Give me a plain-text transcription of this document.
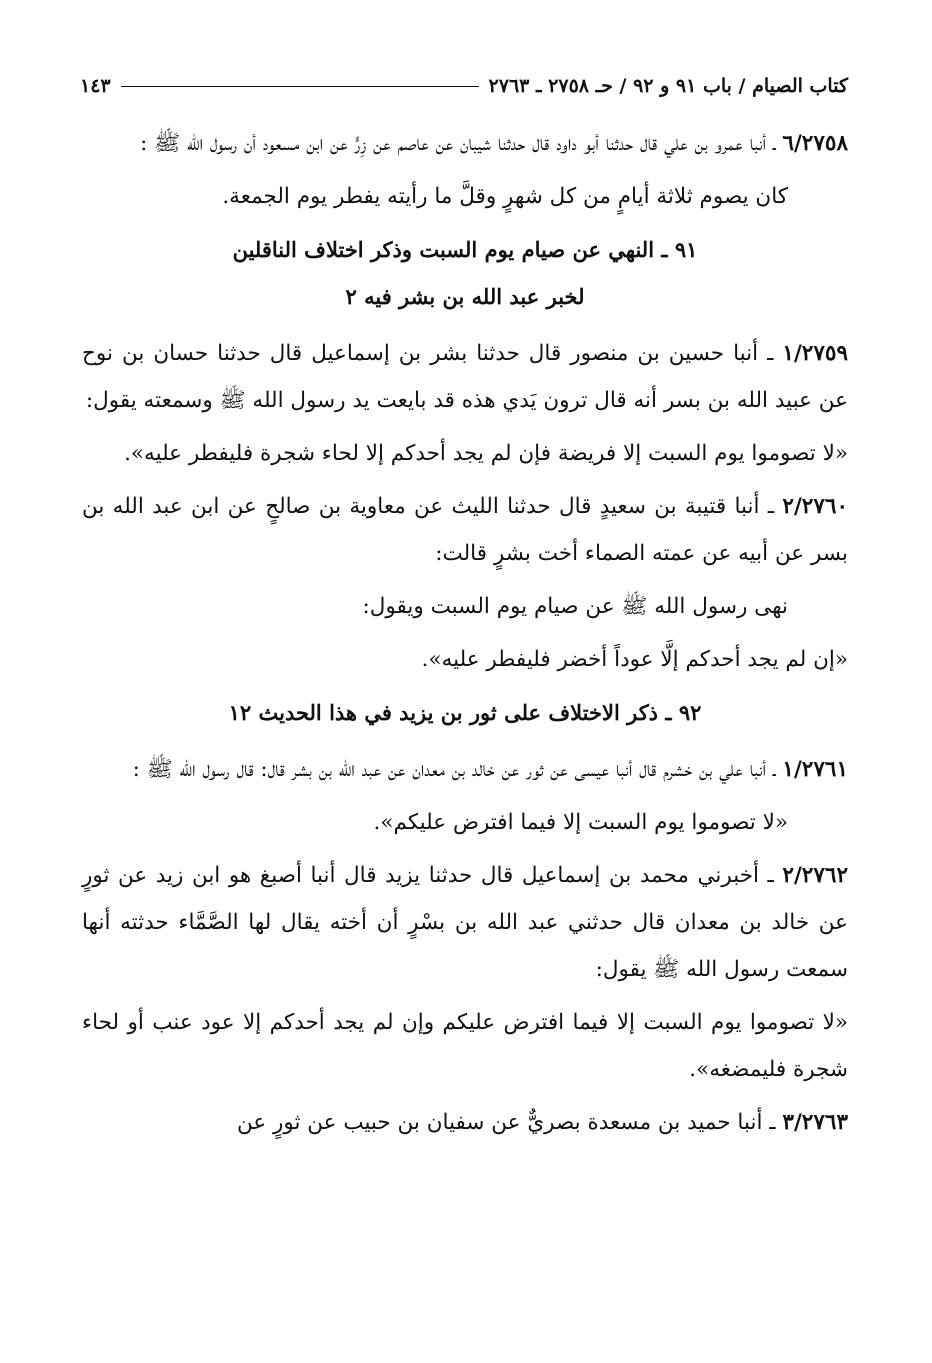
١٤٣	كتاب الصيام / باب ٩١ و ٩٢ / حـ ٢٧٥٨ ـ ٢٧٦٣

٦/٢٧٥٨ ـ أنبا عمرو بن علي قال حدثنا أبو داود قال حدثنا شيبان عن عاصم عن زِرٍّ عن ابن مسعود أن رسول الله ﷺ :

كان يصوم ثلاثة أيامٍ من كل شهرٍ وقلَّ ما رأيته يفطر يوم الجمعة.

٩١ ـ النهي عن صيام يوم السبت وذكر اختلاف الناقلين
لخبر عبد الله بن بشر فيه ٢

١/٢٧٥٩ ـ أنبا حسين بن منصور قال حدثنا بشر بن إسماعيل قال حدثنا حسان بن نوح عن عبيد الله بن بسر أنه قال ترون يَدي هذه قد بايعت يد رسول الله ﷺ وسمعته يقول:

«لا تصوموا يوم السبت إلا فريضة فإن لم يجد أحدكم إلا لحاء شجرة فليفطر عليه».

٢/٢٧٦٠ ـ أنبا قتيبة بن سعيدٍ قال حدثنا الليث عن معاوية بن صالحٍ عن ابن عبد الله بن بسر عن أبيه عن عمته الصماء أخت بشرٍ قالت:

نهى رسول الله ﷺ عن صيام يوم السبت ويقول:

«إن لم يجد أحدكم إلَّا عوداً أخضر فليفطر عليه».

٩٢ ـ ذكر الاختلاف على ثور بن يزيد في هذا الحديث ١٢

١/٢٧٦١ ـ أنبا علي بن خشرم قال أنبا عيسى عن ثور عن خالد بن معدان عن عبد الله بن بشر قال: قال رسول الله ﷺ :

«لا تصوموا يوم السبت إلا فيما افترض عليكم».

٢/٢٧٦٢ ـ أخبرني محمد بن إسماعيل قال حدثنا يزيد قال أنبا أصبغ هو ابن زيد عن ثورٍ عن خالد بن معدان قال حدثني عبد الله بن بسْرٍ أن أخته يقال لها الصَّمَّاء حدثته أنها سمعت رسول الله ﷺ يقول:

«لا تصوموا يوم السبت إلا فيما افترض عليكم وإن لم يجد أحدكم إلا عود عنب أو لحاء شجرة فليمضغه».

٣/٢٧٦٣ ـ أنبا حميد بن مسعدة بصريٌّ عن سفيان بن حبيب عن ثورٍ عن
